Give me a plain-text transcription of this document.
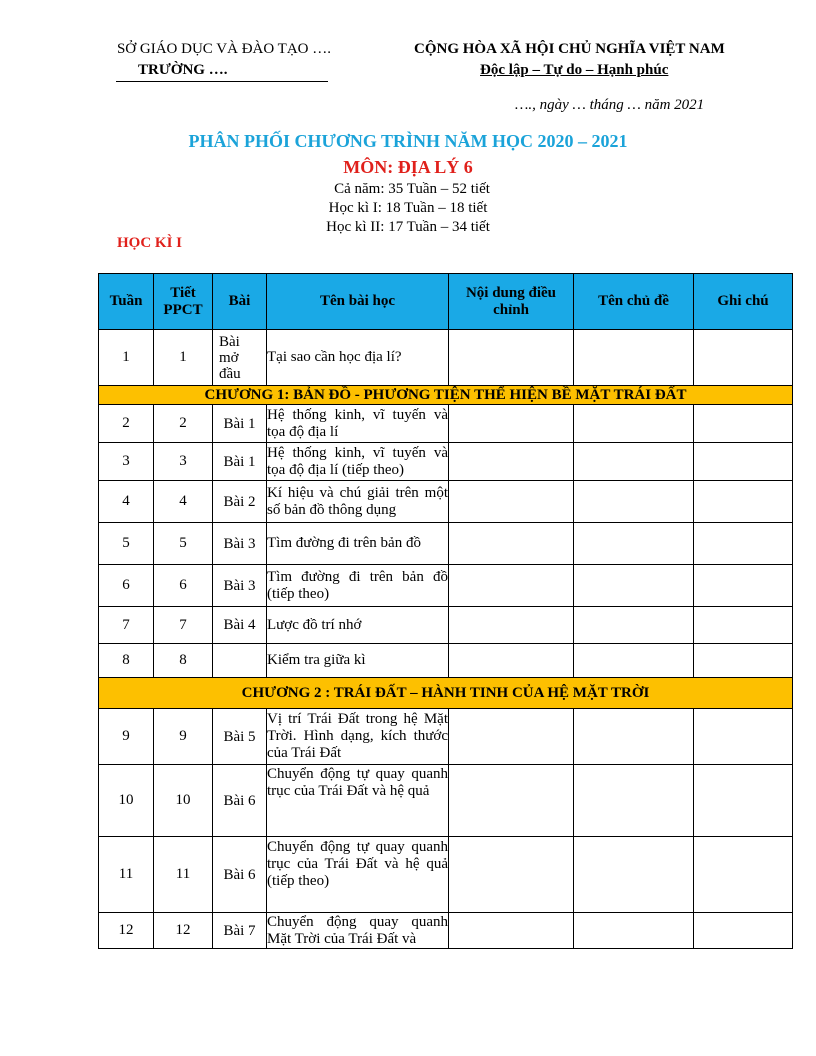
SỞ GIÁO DỤC VÀ ĐÀO TẠO ….
TRƯỜNG ….
CỘNG HÒA XÃ HỘI CHỦ NGHĨA VIỆT NAM
Độc lập – Tự do – Hạnh phúc
…., ngày … tháng … năm 2021
PHÂN PHỐI CHƯƠNG TRÌNH NĂM HỌC 2020 – 2021
MÔN: ĐỊA LÝ 6
Cả năm: 35 Tuần – 52 tiết
Học kì I: 18 Tuần – 18 tiết
Học kì II: 17 Tuần – 34 tiết
HỌC KÌ I
Tuần	Tiết PPCT	Bài	Tên bài học	Nội dung điều chỉnh	Tên chủ đề	Ghi chú
1	1	Bài mở đầu	Tại sao cần học địa lí?			
CHƯƠNG 1: BẢN ĐỒ - PHƯƠNG TIỆN THỂ HIỆN BỀ MẶT TRÁI ĐẤT						
2	2	Bài 1	Hệ thống kinh, vĩ tuyến và tọa độ địa lí			
3	3	Bài 1	Hệ thống kinh, vĩ tuyến và tọa độ địa lí (tiếp theo)			
4	4	Bài 2	Kí hiệu và chú giải trên một số bản đồ thông dụng			
5	5	Bài 3	Tìm đường đi trên bản đồ			
6	6	Bài 3	Tìm đường đi trên bản đồ (tiếp theo)			
7	7	Bài 4	Lược đồ trí nhớ			
8	8		Kiểm tra giữa kì			
CHƯƠNG 2 : TRÁI ĐẤT – HÀNH TINH CỦA HỆ MẶT TRỜI						
9	9	Bài 5	Vị trí Trái Đất trong hệ Mặt Trời. Hình dạng, kích thước của Trái Đất			
10	10	Bài 6	Chuyển động tự quay quanh trục của Trái Đất và hệ quả			
11	11	Bài 6	Chuyển động tự quay quanh trục của Trái Đất và hệ quả (tiếp theo)			
12	12	Bài 7	Chuyển động quay quanh Mặt Trời của Trái Đất và			
